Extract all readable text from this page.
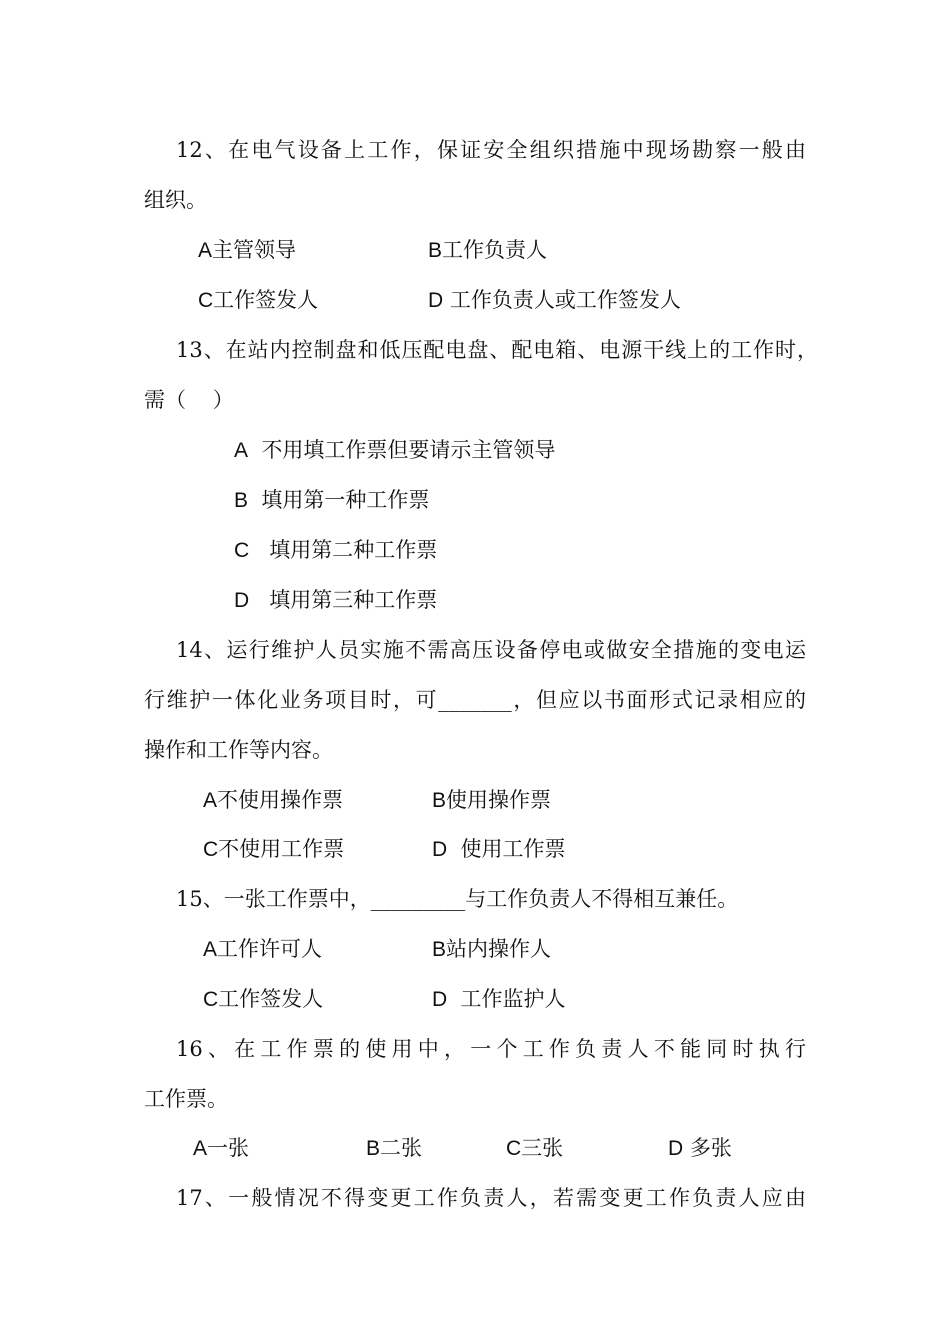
12、在电气设备上工作，保证安全组织措施中现场勘察一般由
组织。
A主管领导	B工作负责人
C工作签发人	D 工作负责人或工作签发人
13、在站内控制盘和低压配电盘、配电箱、电源干线上的工作时，
需（    ）
A  不用填工作票但要请示主管领导
B  填用第一种工作票
C   填用第二种工作票
D   填用第三种工作票
14、运行维护人员实施不需高压设备停电或做安全措施的变电运
行维护一体化业务项目时，可_______，但应以书面形式记录相应的
操作和工作等内容。
A不使用操作票	B使用操作票
C不使用工作票	D  使用工作票
15、一张工作票中，_________与工作负责人不得相互兼任。
A工作许可人	B站内操作人
C工作签发人	D  工作监护人
16、在工作票的使用中，一个工作负责人不能同时执行
工作票。
A一张	B二张	C三张	D 多张
17、一般情况不得变更工作负责人，若需变更工作负责人应由
